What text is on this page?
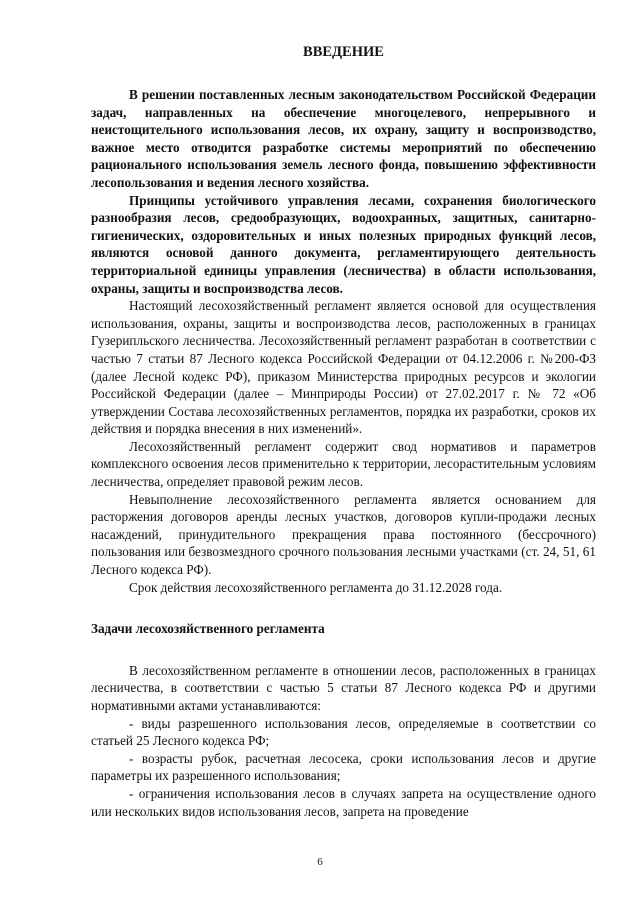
ВВЕДЕНИЕ

В решении поставленных лесным законодательством Российской Федерации задач, направленных на обеспечение многоцелевого, непрерывного и неистощительного использования лесов, их охрану, защиту и воспроизводство, важное место отводится разработке системы мероприятий по обеспечению рационального использования земель лесного фонда, повышению эффективности лесопользования и ведения лесного хозяйства.

Принципы устойчивого управления лесами, сохранения биологического разнообразия лесов, средообразующих, водоохранных, защитных, санитарно-гигиенических, оздоровительных и иных полезных природных функций лесов, являются основой данного документа, регламентирующего деятельность территориальной единицы управления (лесничества) в области использования, охраны, защиты и воспроизводства лесов.

Настоящий лесохозяйственный регламент является основой для осуществления использования, охраны, защиты и воспроизводства лесов, расположенных в границах Гузерипльского лесничества. Лесохозяйственный регламент разработан в соответствии с частью 7 статьи 87 Лесного кодекса Российской Федерации от 04.12.2006 г. №200-ФЗ (далее Лесной кодекс РФ), приказом Министерства природных ресурсов и экологии Российской Федерации (далее – Минприроды России) от 27.02.2017 г. № 72 «Об утверждении Состава лесохозяйственных регламентов, порядка их разработки, сроков их действия и порядка внесения в них изменений».

Лесохозяйственный регламент содержит свод нормативов и параметров комплексного освоения лесов применительно к территории, лесорастительным условиям лесничества, определяет правовой режим лесов.

Невыполнение лесохозяйственного регламента является основанием для расторжения договоров аренды лесных участков, договоров купли-продажи лесных насаждений, принудительного прекращения права постоянного (бессрочного) пользования или безвозмездного срочного пользования лесными участками (ст. 24, 51, 61 Лесного кодекса РФ).

Срок действия лесохозяйственного регламента до 31.12.2028 года.

Задачи лесохозяйственного регламента

В лесохозяйственном регламенте в отношении лесов, расположенных в границах лесничества, в соответствии с частью 5 статьи 87 Лесного кодекса РФ и другими нормативными актами устанавливаются:

- виды разрешенного использования лесов, определяемые в соответствии со статьей 25 Лесного кодекса РФ;

- возрасты рубок, расчетная лесосека, сроки использования лесов и другие параметры их разрешенного использования;

- ограничения использования лесов в случаях запрета на осуществление одного или нескольких видов использования лесов, запрета на проведение

6
